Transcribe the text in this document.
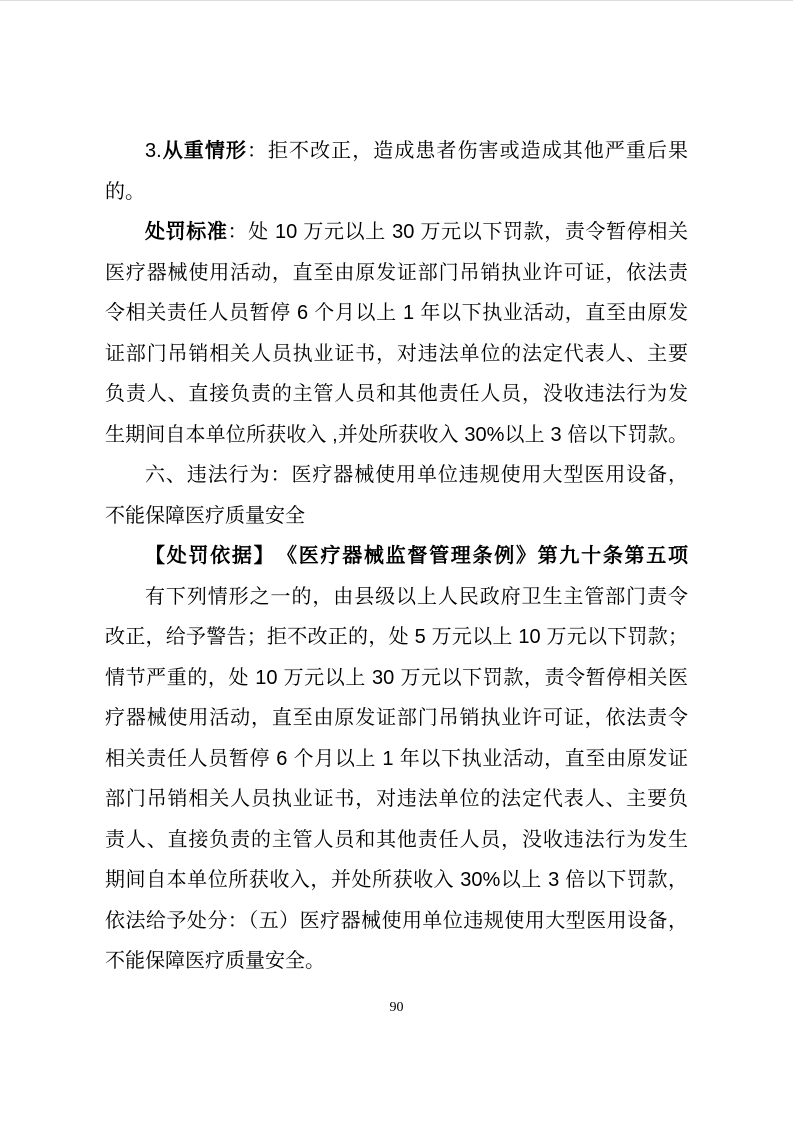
3.从重情形：拒不改正，造成患者伤害或造成其他严重后果
的。
处罚标准：处 10 万元以上 30 万元以下罚款，责令暂停相关
医疗器械使用活动，直至由原发证部门吊销执业许可证，依法责
令相关责任人员暂停 6 个月以上 1 年以下执业活动，直至由原发
证部门吊销相关人员执业证书，对违法单位的法定代表人、主要
负责人、直接负责的主管人员和其他责任人员，没收违法行为发
生期间自本单位所获收入 ,并处所获收入 30%以上 3 倍以下罚款。
六、违法行为：医疗器械使用单位违规使用大型医用设备，
不能保障医疗质量安全
【处罚依据】　《医疗器械监督管理条例》第九十条第五项
有下列情形之一的，由县级以上人民政府卫生主管部门责令
改正，给予警告；拒不改正的，处 5 万元以上 10 万元以下罚款；
情节严重的，处 10 万元以上 30 万元以下罚款，责令暂停相关医
疗器械使用活动，直至由原发证部门吊销执业许可证，依法责令
相关责任人员暂停 6 个月以上 1 年以下执业活动，直至由原发证
部门吊销相关人员执业证书，对违法单位的法定代表人、主要负
责人、直接负责的主管人员和其他责任人员，没收违法行为发生
期间自本单位所获收入，并处所获收入 30%以上 3 倍以下罚款，
依法给予处分：（五）医疗器械使用单位违规使用大型医用设备，
不能保障医疗质量安全。
90
